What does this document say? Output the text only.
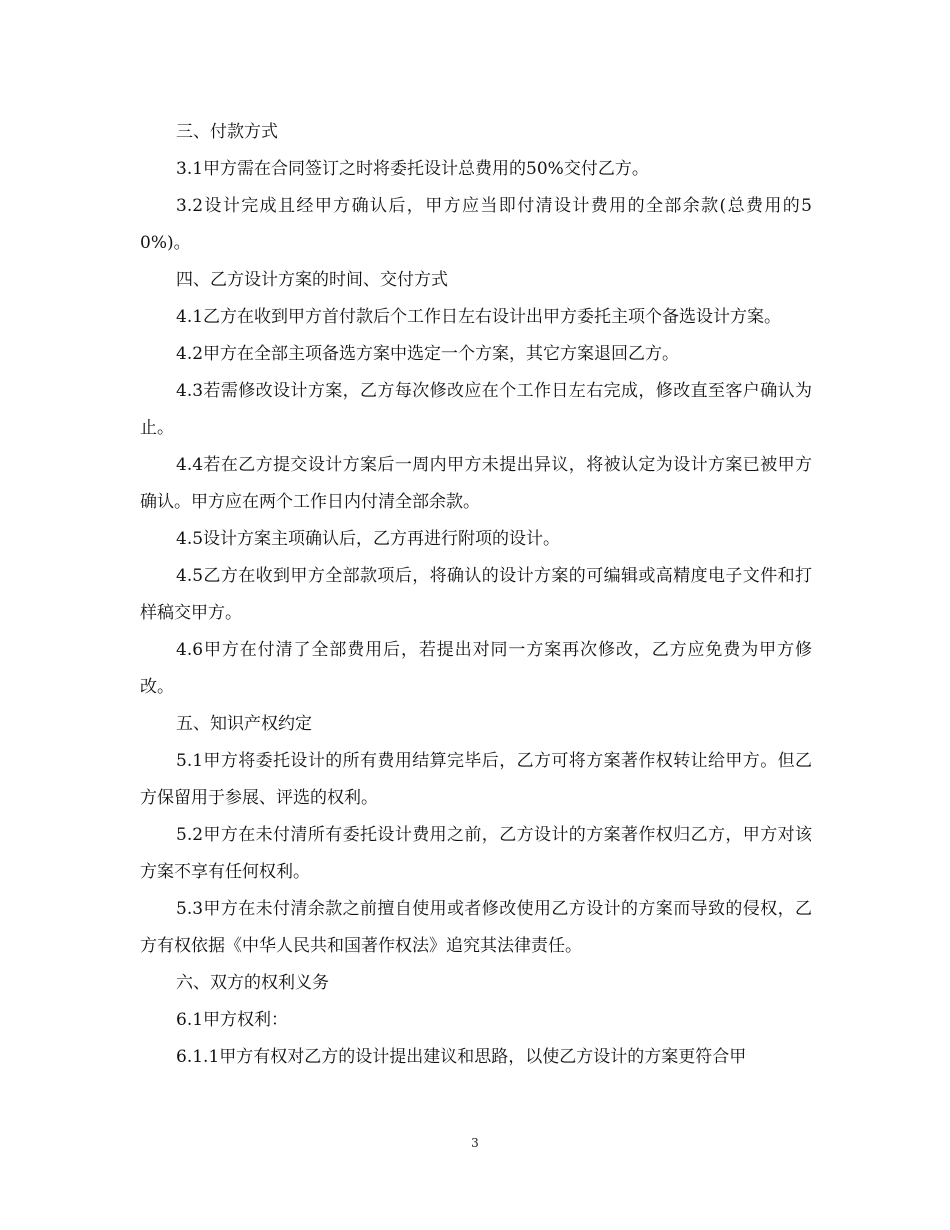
三、付款方式

3.1甲方需在合同签订之时将委托设计总费用的50%交付乙方。

3.2设计完成且经甲方确认后，甲方应当即付清设计费用的全部余款(总费用的50%)。

四、乙方设计方案的时间、交付方式

4.1乙方在收到甲方首付款后个工作日左右设计出甲方委托主项个备选设计方案。

4.2甲方在全部主项备选方案中选定一个方案，其它方案退回乙方。

4.3若需修改设计方案，乙方每次修改应在个工作日左右完成，修改直至客户确认为止。

4.4若在乙方提交设计方案后一周内甲方未提出异议，将被认定为设计方案已被甲方确认。甲方应在两个工作日内付清全部余款。

4.5设计方案主项确认后，乙方再进行附项的设计。

4.5乙方在收到甲方全部款项后，将确认的设计方案的可编辑或高精度电子文件和打样稿交甲方。

4.6甲方在付清了全部费用后，若提出对同一方案再次修改，乙方应免费为甲方修改。

五、知识产权约定

5.1甲方将委托设计的所有费用结算完毕后，乙方可将方案著作权转让给甲方。但乙方保留用于参展、评选的权利。

5.2甲方在未付清所有委托设计费用之前，乙方设计的方案著作权归乙方，甲方对该方案不享有任何权利。

5.3甲方在未付清余款之前擅自使用或者修改使用乙方设计的方案而导致的侵权，乙方有权依据《中华人民共和国著作权法》追究其法律责任。

六、双方的权利义务

6.1甲方权利：

6.1.1甲方有权对乙方的设计提出建议和思路，以使乙方设计的方案更符合甲

3
